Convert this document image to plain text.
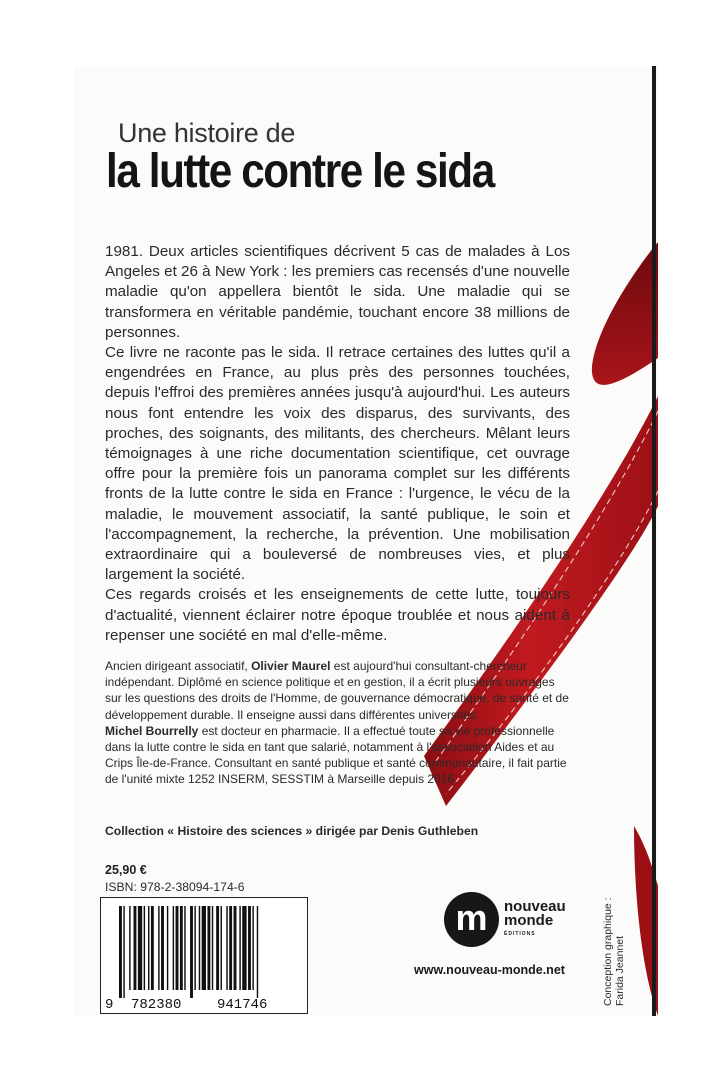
Une histoire de
la lutte contre le sida

1981. Deux articles scientifiques décrivent 5 cas de malades à Los Angeles et 26 à New York : les premiers cas recensés d'une nouvelle maladie qu'on appellera bientôt le sida. Une maladie qui se transformera en véritable pandémie, touchant encore 38 millions de personnes.

Ce livre ne raconte pas le sida. Il retrace certaines des luttes qu'il a engendrées en France, au plus près des personnes touchées, depuis l'effroi des premières années jusqu'à aujourd'hui. Les auteurs nous font entendre les voix des disparus, des survivants, des proches, des soignants, des militants, des chercheurs. Mêlant leurs témoignages à une riche documentation scientifique, cet ouvrage offre pour la première fois un panorama complet sur les différents fronts de la lutte contre le sida en France : l'urgence, le vécu de la maladie, le mouvement associatif, la santé publique, le soin et l'accompagnement, la recherche, la prévention. Une mobilisation extraordinaire qui a bouleversé de nombreuses vies, et plus largement la société.

Ces regards croisés et les enseignements de cette lutte, toujours d'actualité, viennent éclairer notre époque troublée et nous aident à repenser une société en mal d'elle-même.

Ancien dirigeant associatif, Olivier Maurel est aujourd'hui consultant-chercheur indépendant. Diplômé en science politique et en gestion, il a écrit plusieurs ouvrages sur les questions des droits de l'Homme, de gouvernance démocratique, de santé et de développement durable. Il enseigne aussi dans différentes universités.

Michel Bourrelly est docteur en pharmacie. Il a effectué toute sa vie professionnelle dans la lutte contre le sida en tant que salarié, notamment à l'association Aides et au Crips Île-de-France. Consultant en santé publique et santé communautaire, il fait partie de l'unité mixte 1252 INSERM, SESSTIM à Marseille depuis 2016.

Collection « Histoire des sciences » dirigée par Denis Guthleben
25,90 €
ISBN: 978-2-38094-174-6
9 782380	941746
m	nouveau
monde
ÉDITIONS
www.nouveau-monde.net	Conception graphique : Farida Jeannet
